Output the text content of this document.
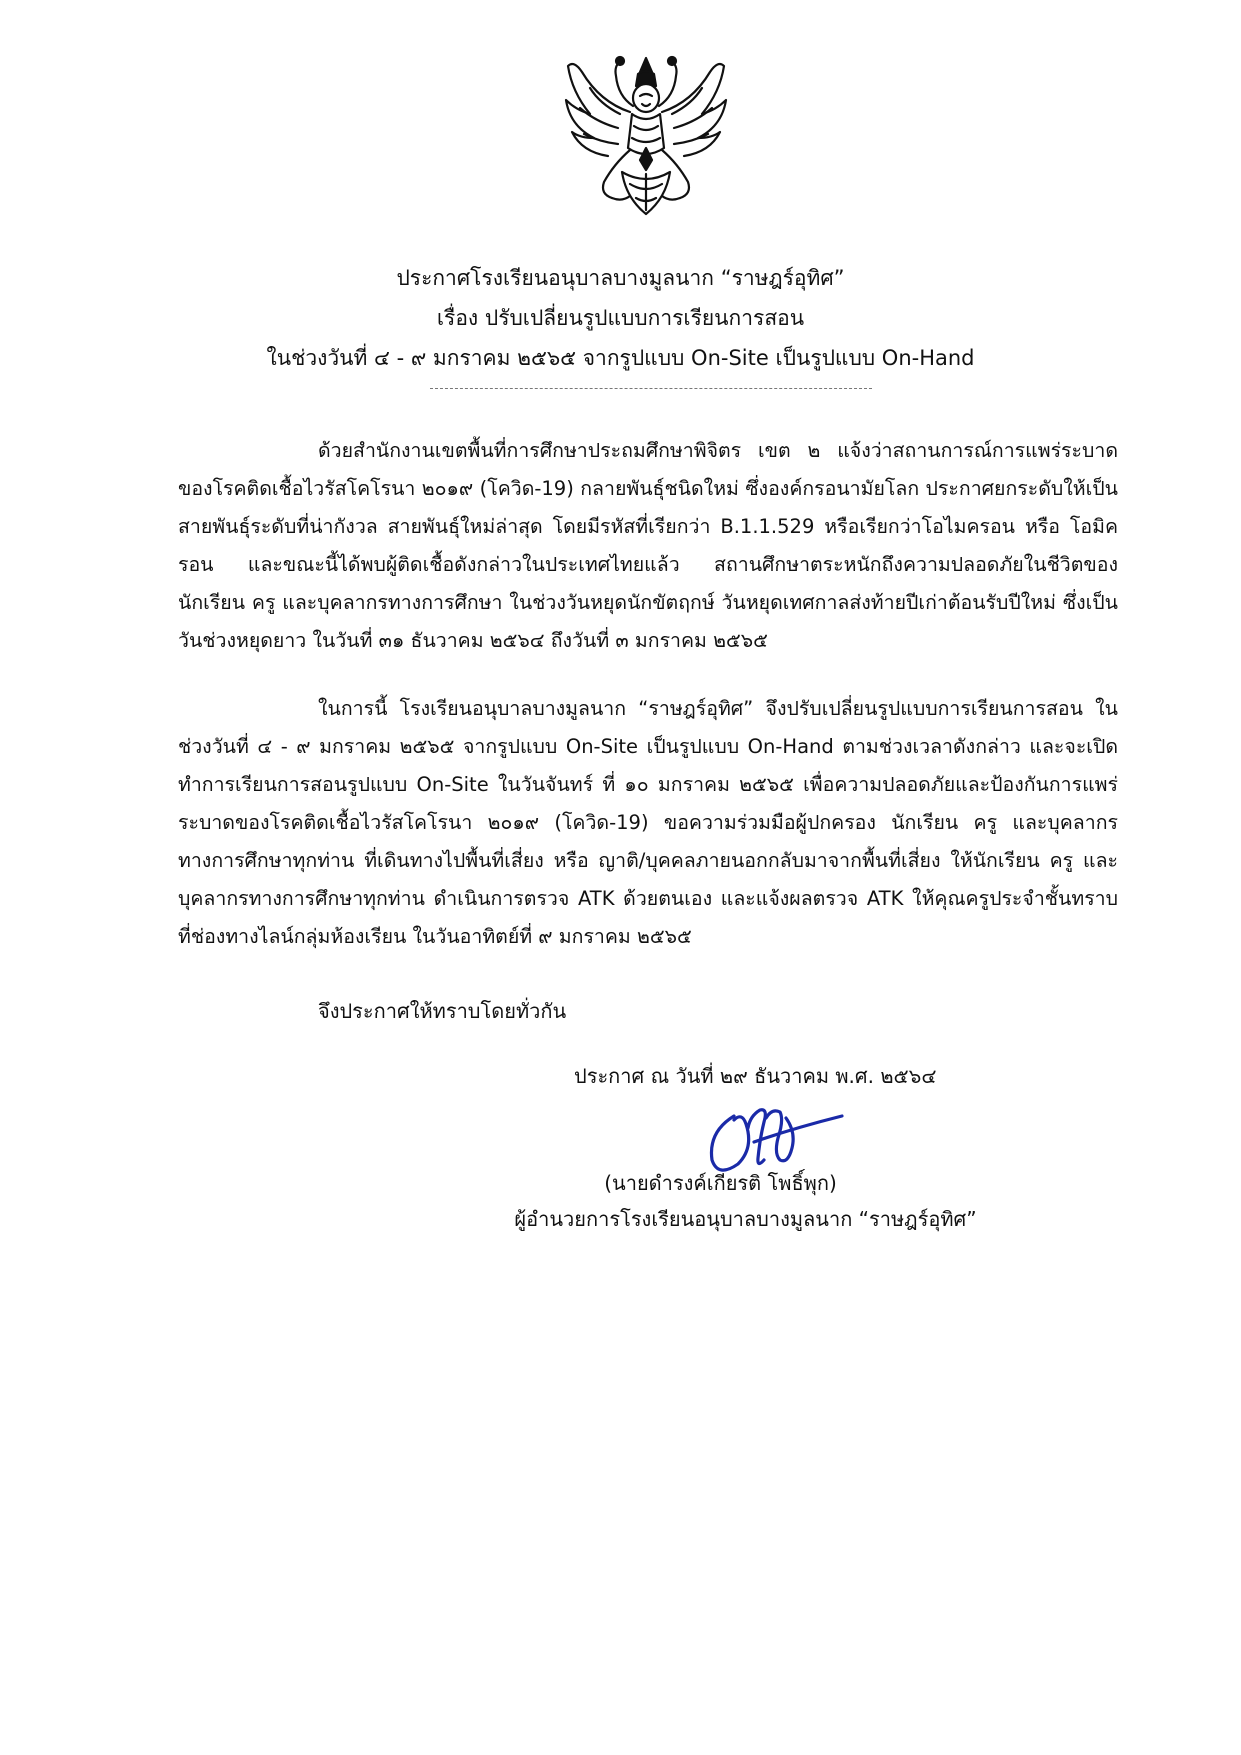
ประกาศโรงเรียนอนุบาลบางมูลนาก “ราษฎร์อุทิศ”
เรื่อง ปรับเปลี่ยนรูปแบบการเรียนการสอน
ในช่วงวันที่ ๔ - ๙ มกราคม ๒๕๖๕ จากรูปแบบ On-Site เป็นรูปแบบ On-Hand

ด้วยสำนักงานเขตพื้นที่การศึกษาประถมศึกษาพิจิตร เขต ๒ แจ้งว่าสถานการณ์การแพร่ระบาดของโรคติดเชื้อไวรัสโคโรนา ๒๐๑๙ (โควิด-19) กลายพันธุ์ชนิดใหม่ ซึ่งองค์กรอนามัยโลก ประกาศยกระดับให้เป็นสายพันธุ์ระดับที่น่ากังวล สายพันธุ์ใหม่ล่าสุด โดยมีรหัสที่เรียกว่า B.1.1.529 หรือเรียกว่าโอไมครอน หรือ โอมิครอน และขณะนี้ได้พบผู้ติดเชื้อดังกล่าวในประเทศไทยแล้ว สถานศึกษาตระหนักถึงความปลอดภัยในชีวิตของนักเรียน ครู และบุคลากรทางการศึกษา ในช่วงวันหยุดนักขัตฤกษ์ วันหยุดเทศกาลส่งท้ายปีเก่าต้อนรับปีใหม่ ซึ่งเป็นวันช่วงหยุดยาว ในวันที่ ๓๑ ธันวาคม ๒๕๖๔ ถึงวันที่ ๓ มกราคม ๒๕๖๕

ในการนี้ โรงเรียนอนุบาลบางมูลนาก “ราษฎร์อุทิศ” จึงปรับเปลี่ยนรูปแบบการเรียนการสอน ในช่วงวันที่ ๔ - ๙ มกราคม ๒๕๖๕ จากรูปแบบ On-Site เป็นรูปแบบ On-Hand ตามช่วงเวลาดังกล่าว และจะเปิดทำการเรียนการสอนรูปแบบ On-Site ในวันจันทร์ ที่ ๑๐ มกราคม ๒๕๖๕ เพื่อความปลอดภัยและป้องกันการแพร่ระบาดของโรคติดเชื้อไวรัสโคโรนา ๒๐๑๙ (โควิด-19) ขอความร่วมมือผู้ปกครอง นักเรียน ครู และบุคลากรทางการศึกษาทุกท่าน ที่เดินทางไปพื้นที่เสี่ยง หรือ ญาติ/บุคคลภายนอกกลับมาจากพื้นที่เสี่ยง ให้นักเรียน ครู และบุคลากรทางการศึกษาทุกท่าน ดำเนินการตรวจ ATK ด้วยตนเอง และแจ้งผลตรวจ ATK ให้คุณครูประจำชั้นทราบ ที่ช่องทางไลน์กลุ่มห้องเรียน ในวันอาทิตย์ที่ ๙ มกราคม ๒๕๖๕

จึงประกาศให้ทราบโดยทั่วกัน
ประกาศ ณ วันที่ ๒๙ ธันวาคม พ.ศ. ๒๕๖๔
(นายดำรงค์เกียรติ โพธิ์พุก)
ผู้อำนวยการโรงเรียนอนุบาลบางมูลนาก “ราษฎร์อุทิศ”
